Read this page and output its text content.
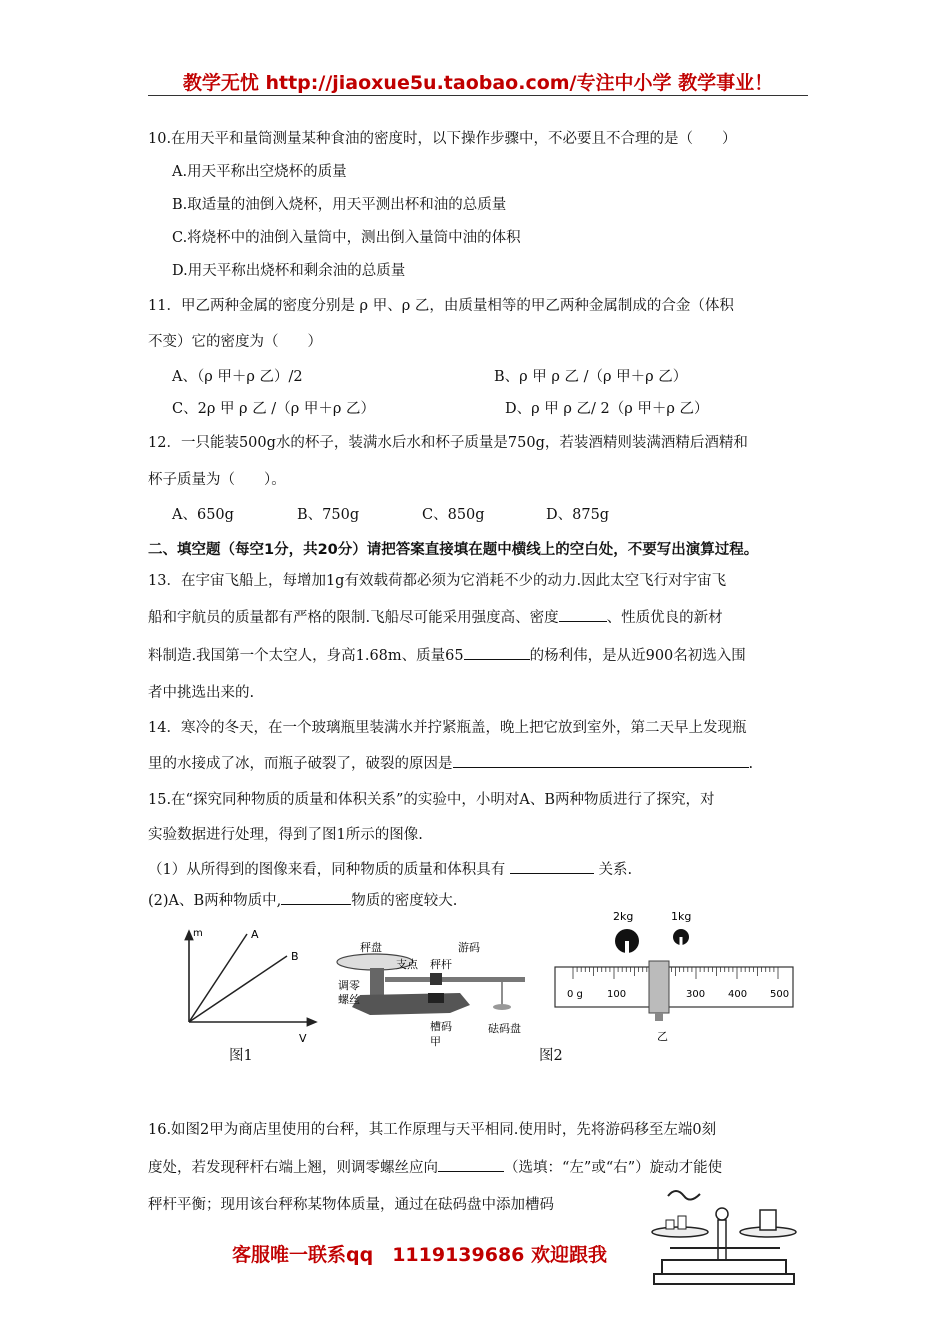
教学无忧 http://jiaoxue5u.taobao.com/专注中小学 教学事业！
10.在用天平和量筒测量某种食油的密度时，以下操作步骤中，不必要且不合理的是（　　）
A.用天平称出空烧杯的质量
B.取适量的油倒入烧杯，用天平测出杯和油的总质量
C.将烧杯中的油倒入量筒中，测出倒入量筒中油的体积
D.用天平称出烧杯和剩余油的总质量
11．甲乙两种金属的密度分别是 ρ 甲、ρ 乙，由质量相等的甲乙两种金属制成的合金（体积
不变）它的密度为（　　）
A、（ρ 甲＋ρ 乙）/2	B、ρ 甲 ρ 乙 /（ρ 甲＋ρ 乙）
C、2ρ 甲 ρ 乙 /（ρ 甲＋ρ 乙）	D、ρ 甲 ρ 乙/ 2（ρ 甲＋ρ 乙）
12．一只能装500g水的杯子，装满水后水和杯子质量是750g，若装酒精则装满酒精后酒精和
杯子质量为（　　）。
A、650g	B、750g	C、850g	D、875g
二、填空题（每空1分，共20分）请把答案直接填在题中横线上的空白处，不要写出演算过程。
13．在宇宙飞船上，每增加1g有效载荷都必须为它消耗不少的动力.因此太空飞行对宇宙飞
船和宇航员的质量都有严格的限制.飞船尽可能采用强度高、密度	、性质优良的新材
料制造.我国第一个太空人，身高1.68m、质量65	的杨利伟，是从近900名初选入围
者中挑选出来的.
14．寒冷的冬天，在一个玻璃瓶里装满水并拧紧瓶盖，晚上把它放到室外，第二天早上发现瓶
里的水接成了冰，而瓶子破裂了，破裂的原因是	.
15.在“探究同种物质的质量和体积关系”的实验中，小明对A、B两种物质进行了探究，对
实验数据进行处理，得到了图1所示的图像.
（1）从所得到的图像来看，同种物质的质量和体积具有	关系.
(2)A、B两种物质中,	物质的密度较大.
m	A
B
V
图1
秤盘
支点 秤杆
游码
调零
螺丝
槽码
甲
砝码盘
2kg	1kg
0 g 100	300 400 500
乙
图2
16.如图2甲为商店里使用的台秤，其工作原理与天平相同.使用时，先将游码移至左端0刻
度处，若发现秤杆右端上翘，则调零螺丝应向	（选填：“左”或“右”）旋动才能使
秤杆平衡；现用该台秤称某物体质量，通过在砝码盘中添加槽码
客服唯一联系qq　1119139686 欢迎跟我
